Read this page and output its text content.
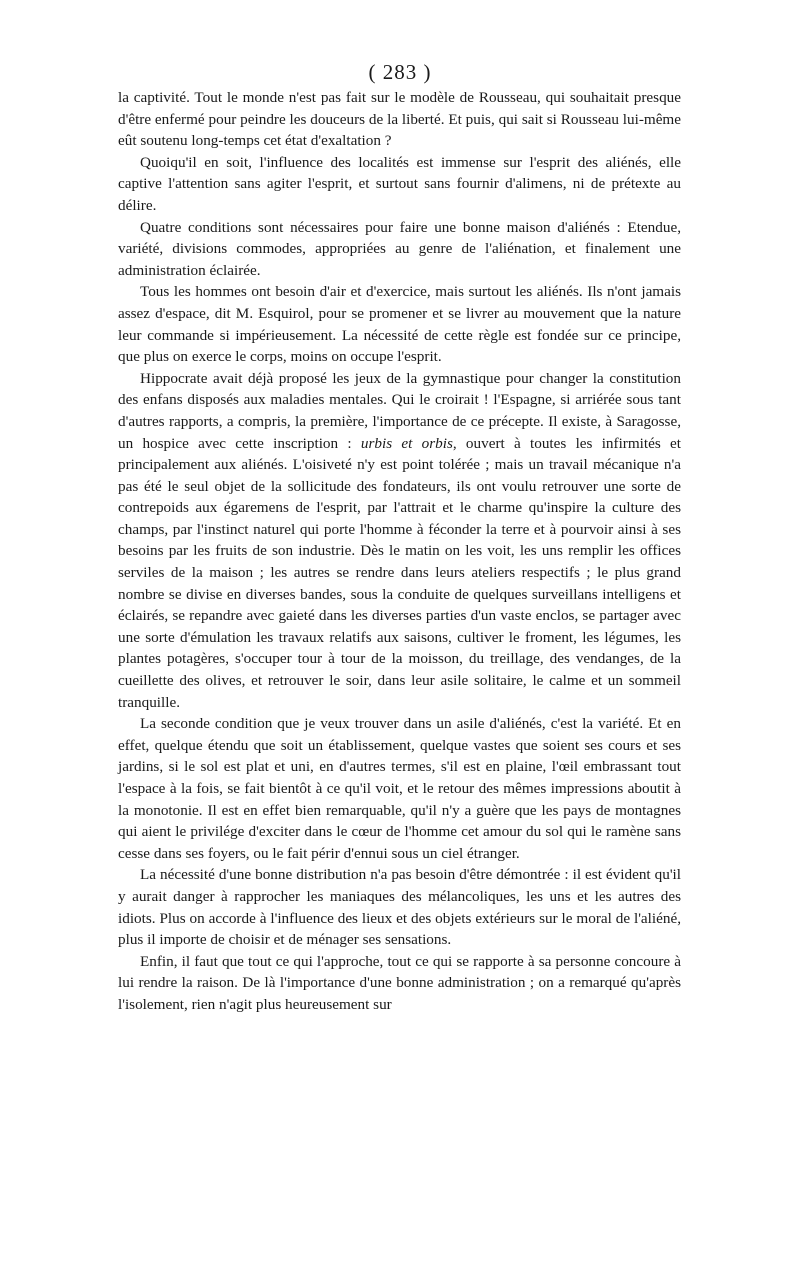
( 283 )

la captivité. Tout le monde n'est pas fait sur le modèle de Rousseau, qui souhaitait presque d'être enfermé pour peindre les douceurs de la liberté. Et puis, qui sait si Rousseau lui-même eût soutenu long-temps cet état d'exaltation ?

Quoiqu'il en soit, l'influence des localités est immense sur l'esprit des aliénés, elle captive l'attention sans agiter l'esprit, et surtout sans fournir d'alimens, ni de prétexte au délire.

Quatre conditions sont nécessaires pour faire une bonne maison d'aliénés : Etendue, variété, divisions commodes, appropriées au genre de l'aliénation, et finalement une administration éclairée.

Tous les hommes ont besoin d'air et d'exercice, mais surtout les aliénés. Ils n'ont jamais assez d'espace, dit M. Esquirol, pour se promener et se livrer au mouvement que la nature leur commande si impérieusement. La nécessité de cette règle est fondée sur ce principe, que plus on exerce le corps, moins on occupe l'esprit.

Hippocrate avait déjà proposé les jeux de la gymnastique pour changer la constitution des enfans disposés aux maladies mentales. Qui le croirait ! l'Espagne, si arriérée sous tant d'autres rapports, a compris, la première, l'importance de ce précepte. Il existe, à Saragosse, un hospice avec cette inscription : urbis et orbis, ouvert à toutes les infirmités et principalement aux aliénés. L'oisiveté n'y est point tolérée ; mais un travail mécanique n'a pas été le seul objet de la sollicitude des fondateurs, ils ont voulu retrouver une sorte de contrepoids aux égaremens de l'esprit, par l'attrait et le charme qu'inspire la culture des champs, par l'instinct naturel qui porte l'homme à féconder la terre et à pourvoir ainsi à ses besoins par les fruits de son industrie. Dès le matin on les voit, les uns remplir les offices serviles de la maison ; les autres se rendre dans leurs ateliers respectifs ; le plus grand nombre se divise en diverses bandes, sous la conduite de quelques surveillans intelligens et éclairés, se repandre avec gaieté dans les diverses parties d'un vaste enclos, se partager avec une sorte d'émulation les travaux relatifs aux saisons, cultiver le froment, les légumes, les plantes potagères, s'occuper tour à tour de la moisson, du treillage, des vendanges, de la cueillette des olives, et retrouver le soir, dans leur asile solitaire, le calme et un sommeil tranquille.

La seconde condition que je veux trouver dans un asile d'aliénés, c'est la variété. Et en effet, quelque étendu que soit un établissement, quelque vastes que soient ses cours et ses jardins, si le sol est plat et uni, en d'autres termes, s'il est en plaine, l'œil embrassant tout l'espace à la fois, se fait bientôt à ce qu'il voit, et le retour des mêmes impressions aboutit à la monotonie. Il est en effet bien remarquable, qu'il n'y a guère que les pays de montagnes qui aient le privilége d'exciter dans le cœur de l'homme cet amour du sol qui le ramène sans cesse dans ses foyers, ou le fait périr d'ennui sous un ciel étranger.

La nécessité d'une bonne distribution n'a pas besoin d'être démontrée : il est évident qu'il y aurait danger à rapprocher les maniaques des mélancoliques, les uns et les autres des idiots. Plus on accorde à l'influence des lieux et des objets extérieurs sur le moral de l'aliéné, plus il importe de choisir et de ménager ses sensations.

Enfin, il faut que tout ce qui l'approche, tout ce qui se rapporte à sa personne concoure à lui rendre la raison. De là l'importance d'une bonne administration ; on a remarqué qu'après l'isolement, rien n'agit plus heureusement sur
